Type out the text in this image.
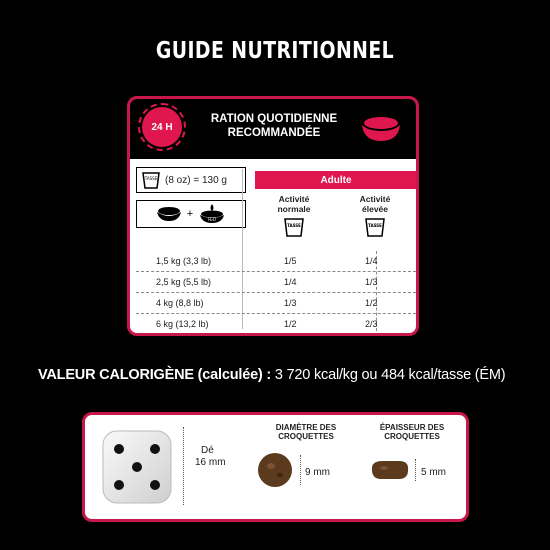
GUIDE NUTRITIONNEL
24 H
RATION QUOTIDIENNE
RECOMMANDÉE
TASSE (8 oz) = 130 g
+	H₂O
Adulte
Activité
normale
TASSE
Activité
élevée
TASSE
1,5 kg (3,3 lb)	1/5	1/4
2,5 kg (5,5 lb)	1/4	1/3
4 kg (8,8 lb)	1/3	1/2
6 kg (13,2 lb)	1/2	2/3
VALEUR CALORIGÈNE (calculée) : 3 720 kcal/kg ou 484 kcal/tasse (ÉM)
Dé
16 mm
DIAMÈTRE DES
CROQUETTES
9 mm
ÉPAISSEUR DES
CROQUETTES
5 mm
